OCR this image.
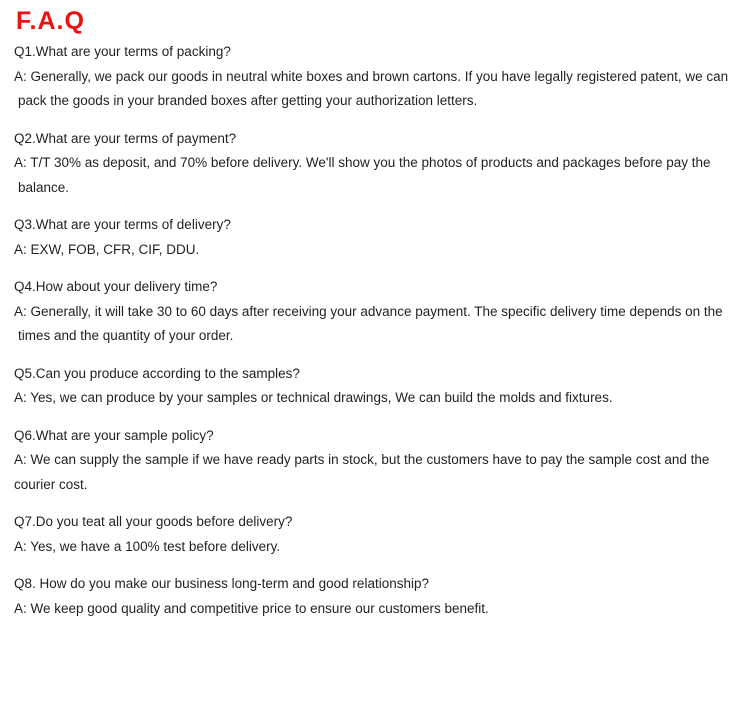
F.A.Q

Q1.What are your terms of packing?

A: Generally, we pack our goods in neutral white boxes and brown cartons. If you have legally registered patent, we can

pack the goods in your branded boxes after getting your authorization letters.

Q2.What are your terms of payment?

A: T/T 30% as deposit, and 70% before delivery. We'll show you the photos of products and packages before pay the

balance.

Q3.What are your terms of delivery?

A: EXW, FOB, CFR, CIF, DDU.

Q4.How about your delivery time?

A: Generally, it will take 30 to 60 days after receiving your advance payment. The specific delivery time depends on the

times and the quantity of your order.

Q5.Can you produce according to the samples?

A: Yes, we can produce by your samples or technical drawings, We can build the molds and fixtures.

Q6.What are your sample policy?

A: We can supply the sample if we have ready parts in stock, but the customers have to pay the sample cost and the

courier cost.

Q7.Do you teat all your goods before delivery?

A: Yes, we have a 100% test before delivery.

Q8. How do you make our business long-term and good relationship?

A: We keep good quality and competitive price to ensure our customers benefit.
